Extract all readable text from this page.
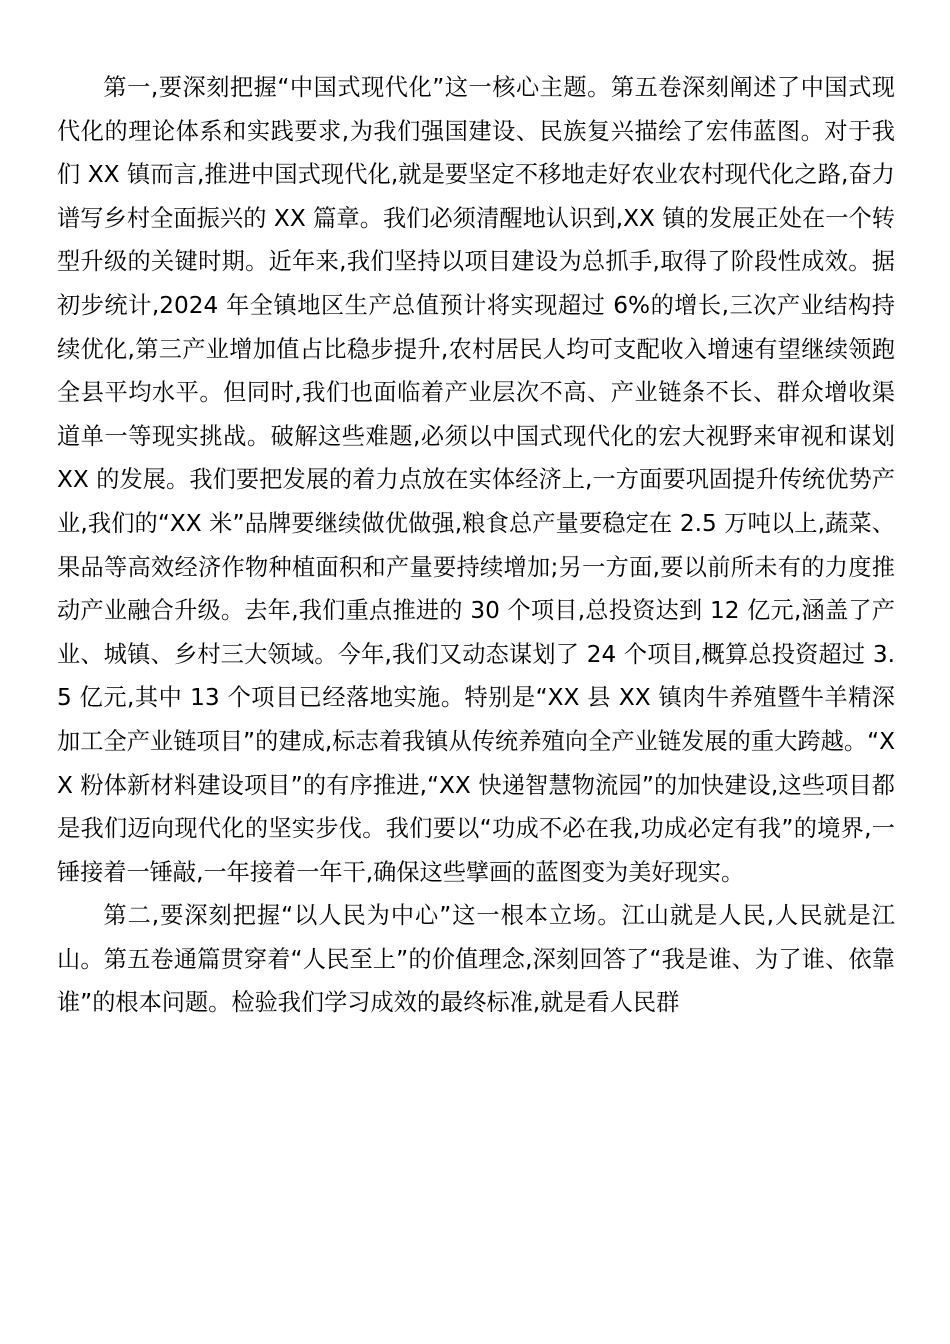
第一,要深刻把握“中国式现代化”这一核心主题。第五卷深刻阐述了中国式现代化的理论体系和实践要求,为我们强国建设、民族复兴描绘了宏伟蓝图。对于我们 XX 镇而言,推进中国式现代化,就是要坚定不移地走好农业农村现代化之路,奋力谱写乡村全面振兴的 XX 篇章。我们必须清醒地认识到,XX 镇的发展正处在一个转型升级的关键时期。近年来,我们坚持以项目建设为总抓手,取得了阶段性成效。据初步统计,2024 年全镇地区生产总值预计将实现超过 6%的增长,三次产业结构持续优化,第三产业增加值占比稳步提升,农村居民人均可支配收入增速有望继续领跑全县平均水平。但同时,我们也面临着产业层次不高、产业链条不长、群众增收渠道单一等现实挑战。破解这些难题,必须以中国式现代化的宏大视野来审视和谋划 XX 的发展。我们要把发展的着力点放在实体经济上,一方面要巩固提升传统优势产业,我们的“XX 米”品牌要继续做优做强,粮食总产量要稳定在 2.5 万吨以上,蔬菜、果品等高效经济作物种植面积和产量要持续增加;另一方面,要以前所未有的力度推动产业融合升级。去年,我们重点推进的 30 个项目,总投资达到 12 亿元,涵盖了产业、城镇、乡村三大领域。今年,我们又动态谋划了 24 个项目,概算总投资超过 3.5 亿元,其中 13 个项目已经落地实施。特别是“XX 县 XX 镇肉牛养殖暨牛羊精深加工全产业链项目”的建成,标志着我镇从传统养殖向全产业链发展的重大跨越。“XX 粉体新材料建设项目”的有序推进,“XX 快递智慧物流园”的加快建设,这些项目都是我们迈向现代化的坚实步伐。我们要以“功成不必在我,功成必定有我”的境界,一锤接着一锤敲,一年接着一年干,确保这些擘画的蓝图变为美好现实。

第二,要深刻把握“以人民为中心”这一根本立场。江山就是人民,人民就是江山。第五卷通篇贯穿着“人民至上”的价值理念,深刻回答了“我是谁、为了谁、依靠谁”的根本问题。检验我们学习成效的最终标准,就是看人民群
